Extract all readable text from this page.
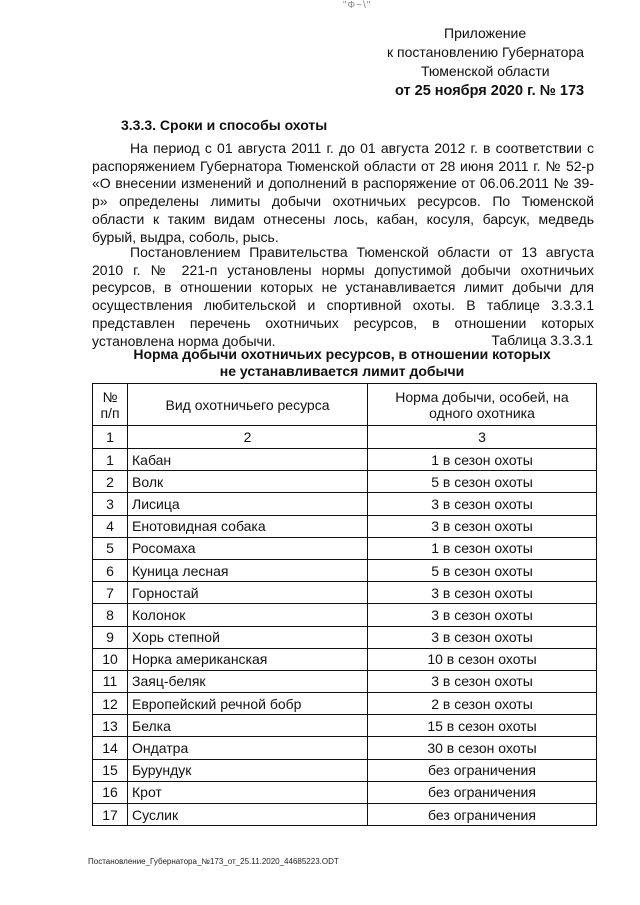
"Ф~\"
Приложение
к постановлению Губернатора
Тюменской области
от 25 ноября 2020 г. № 173
3.3.3. Сроки и способы охоты

На период с 01 августа 2011 г. до 01 августа 2012 г. в соответствии с распоряжением Губернатора Тюменской области от 28 июня 2011 г. № 52-р «О внесении изменений и дополнений в распоряжение от 06.06.2011 № 39-р» определены лимиты добычи охотничьих ресурсов. По Тюменской области к таким видам отнесены лось, кабан, косуля, барсук, медведь бурый, выдра, соболь, рысь.

Постановлением Правительства Тюменской области от 13 августа 2010 г. № 221-п установлены нормы допустимой добычи охотничьих ресурсов, в отношении которых не устанавливается лимит добычи для осуществления любительской и спортивной охоты. В таблице 3.3.3.1 представлен перечень охотничьих ресурсов, в отношении которых установлена норма добычи.	Таблица 3.3.3.1
Норма добычи охотничьих ресурсов, в отношении которых
не устанавливается лимит добычи
№ п/п	Вид охотничьего ресурса	Норма добычи, особей, на одного охотника
1	2	3
1	Кабан	1 в сезон охоты
2	Волк	5 в сезон охоты
3	Лисица	3 в сезон охоты
4	Енотовидная собака	3 в сезон охоты
5	Росомаха	1 в сезон охоты
6	Куница лесная	5 в сезон охоты
7	Горностай	3 в сезон охоты
8	Колонок	3 в сезон охоты
9	Хорь степной	3 в сезон охоты
10	Норка американская	10 в сезон охоты
11	Заяц-беляк	3 в сезон охоты
12	Европейский речной бобр	2 в сезон охоты
13	Белка	15 в сезон охоты
14	Ондатра	30 в сезон охоты
15	Бурундук	без ограничения
16	Крот	без ограничения
17	Суслик	без ограничения
Постановление_Губернатора_№173_от_25.11.2020_44685223.ODT
